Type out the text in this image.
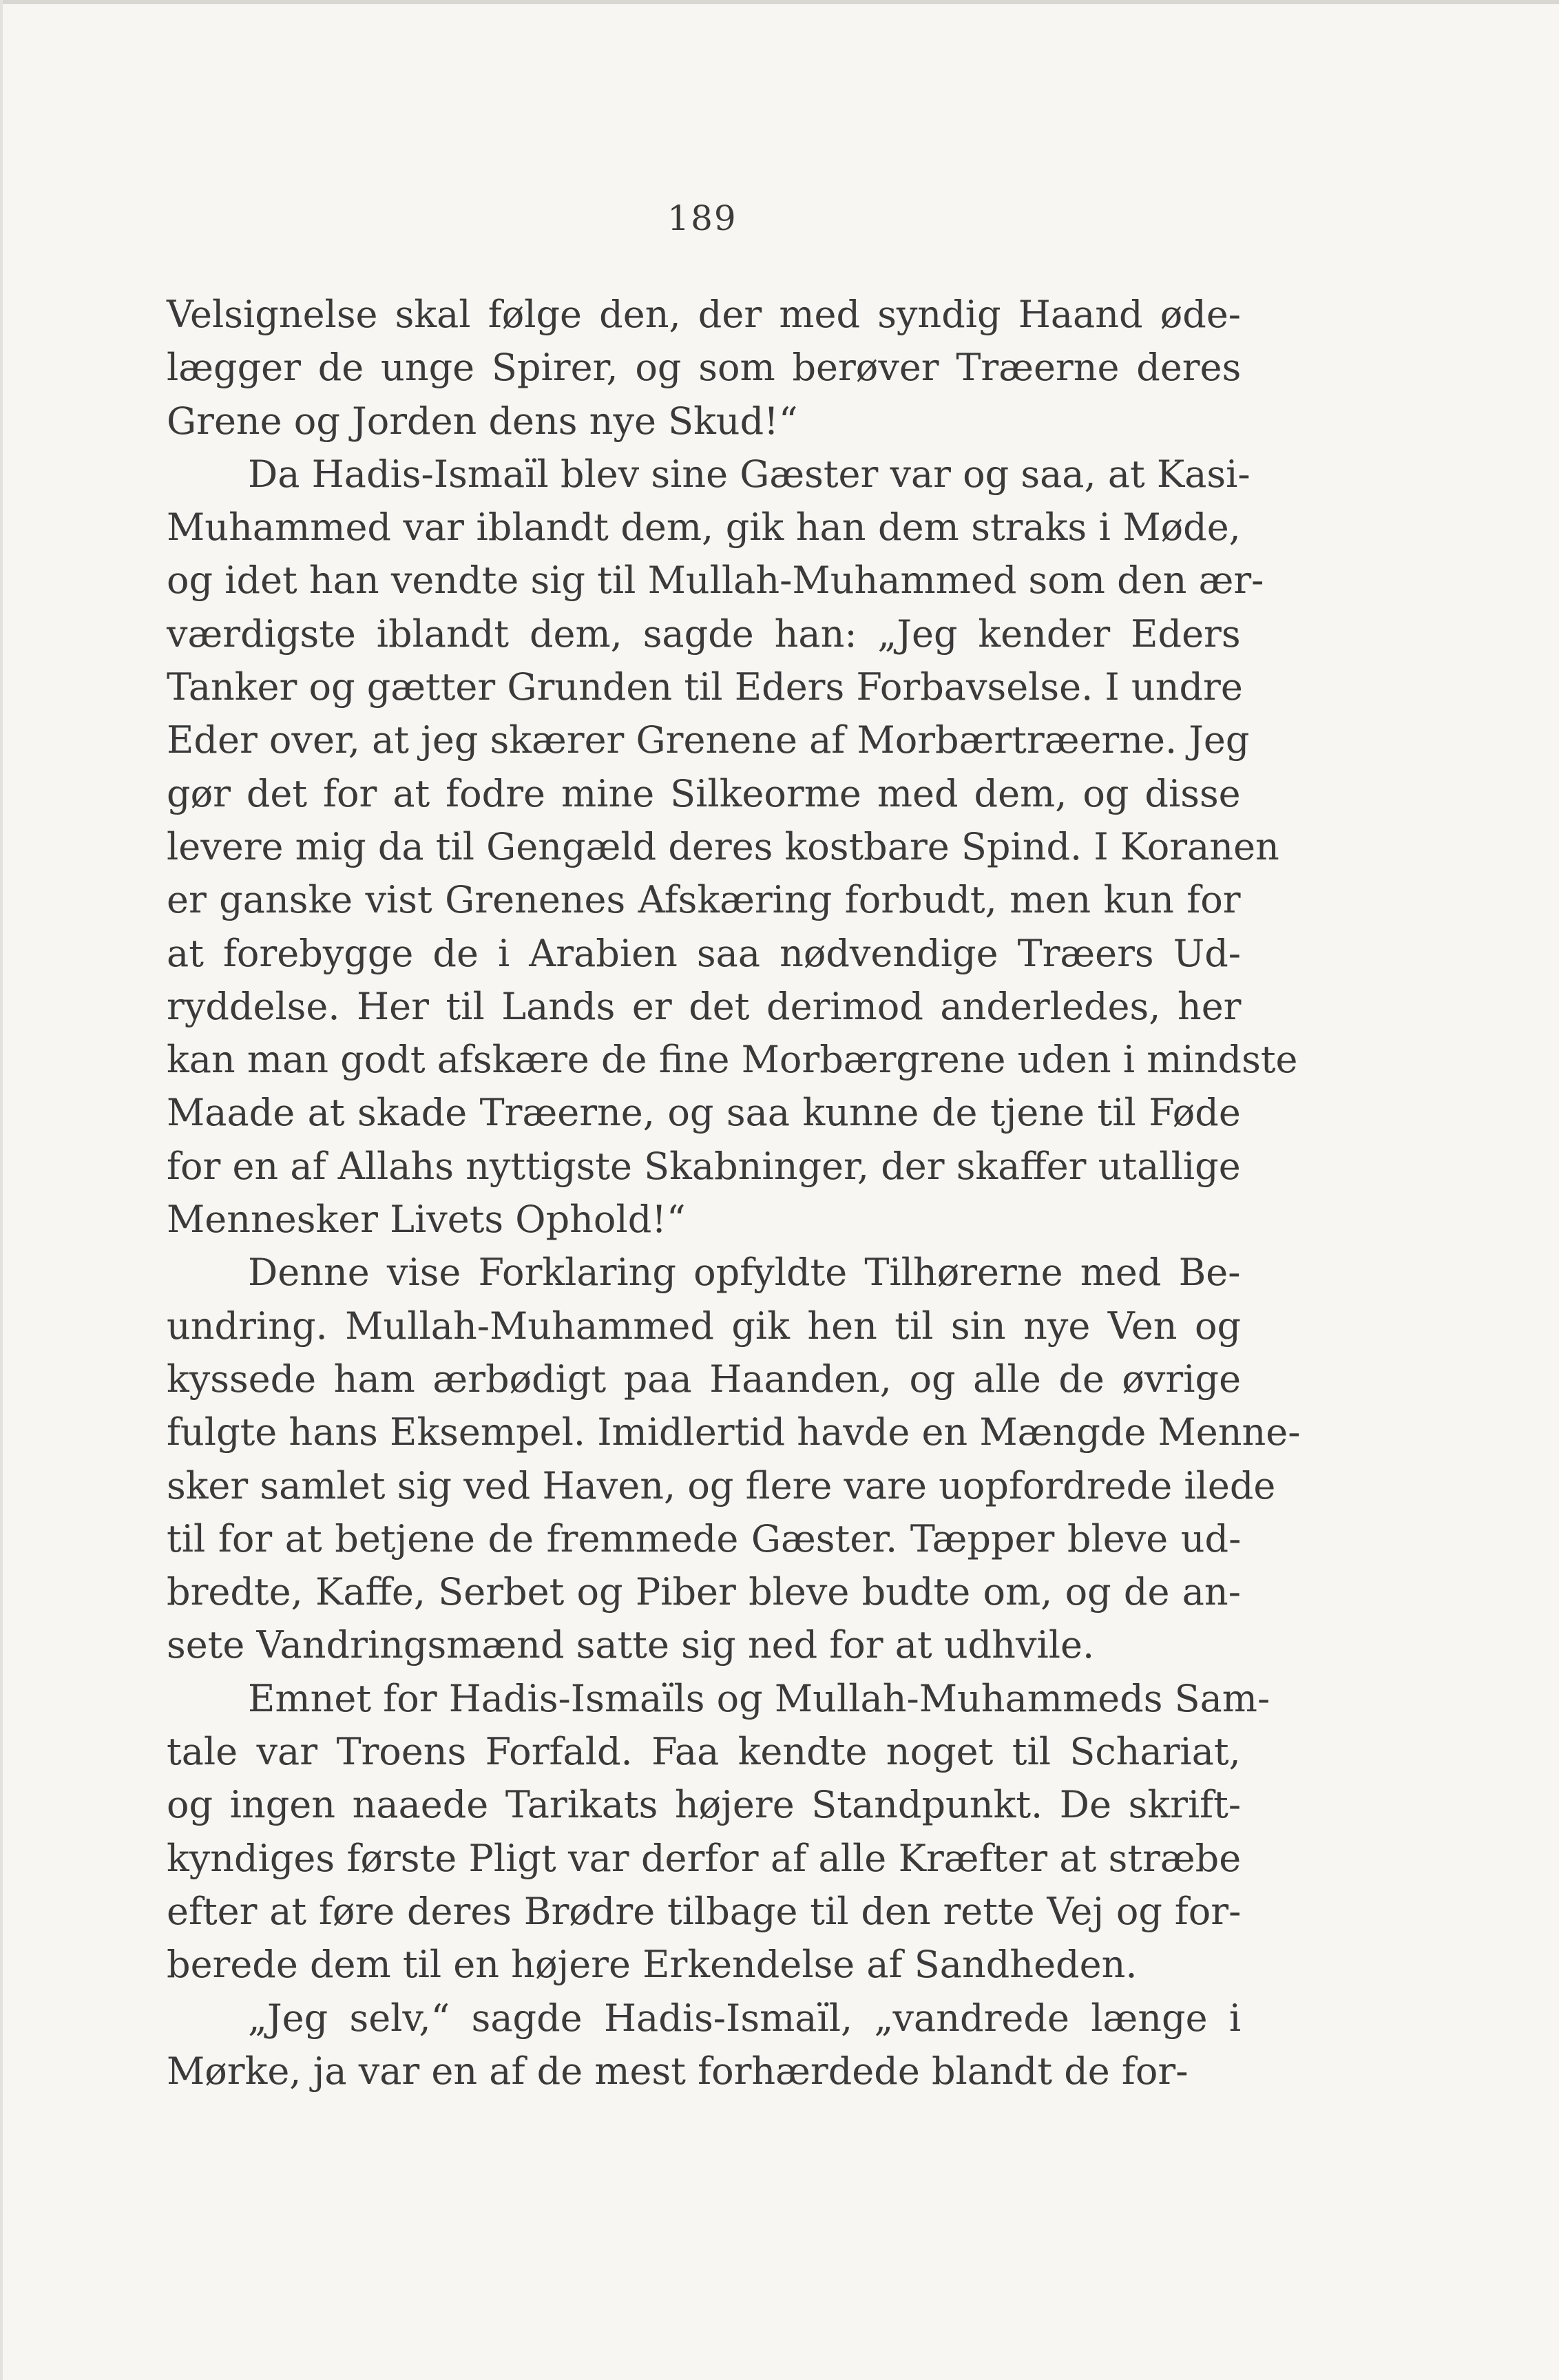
189
Velsignelse skal følge den, der med syndig Haand øde-
lægger de unge Spirer, og som berøver Træerne deres
Grene og Jorden dens nye Skud!“
Da Hadis-Ismaïl blev sine Gæster var og saa, at Kasi-
Muhammed var iblandt dem, gik han dem straks i Møde,
og idet han vendte sig til Mullah-Muhammed som den ær-
værdigste iblandt dem, sagde han: „Jeg kender Eders
Tanker og gætter Grunden til Eders Forbavselse. I undre
Eder over, at jeg skærer Grenene af Morbærtræerne. Jeg
gør det for at fodre mine Silkeorme med dem, og disse
levere mig da til Gengæld deres kostbare Spind. I Koranen
er ganske vist Grenenes Afskæring forbudt, men kun for
at forebygge de i Arabien saa nødvendige Træers Ud-
ryddelse. Her til Lands er det derimod anderledes, her
kan man godt afskære de fine Morbærgrene uden i mindste
Maade at skade Træerne, og saa kunne de tjene til Føde
for en af Allahs nyttigste Skabninger, der skaffer utallige
Mennesker Livets Ophold!“
Denne vise Forklaring opfyldte Tilhørerne med Be-
undring. Mullah-Muhammed gik hen til sin nye Ven og
kyssede ham ærbødigt paa Haanden, og alle de øvrige
fulgte hans Eksempel. Imidlertid havde en Mængde Menne-
sker samlet sig ved Haven, og flere vare uopfordrede ilede
til for at betjene de fremmede Gæster. Tæpper bleve ud-
bredte, Kaffe, Serbet og Piber bleve budte om, og de an-
sete Vandringsmænd satte sig ned for at udhvile.
Emnet for Hadis-Ismaïls og Mullah-Muhammeds Sam-
tale var Troens Forfald. Faa kendte noget til Schariat,
og ingen naaede Tarikats højere Standpunkt. De skrift-
kyndiges første Pligt var derfor af alle Kræfter at stræbe
efter at føre deres Brødre tilbage til den rette Vej og for-
berede dem til en højere Erkendelse af Sandheden.
„Jeg selv,“ sagde Hadis-Ismaïl, „vandrede længe i
Mørke, ja var en af de mest forhærdede blandt de for-
